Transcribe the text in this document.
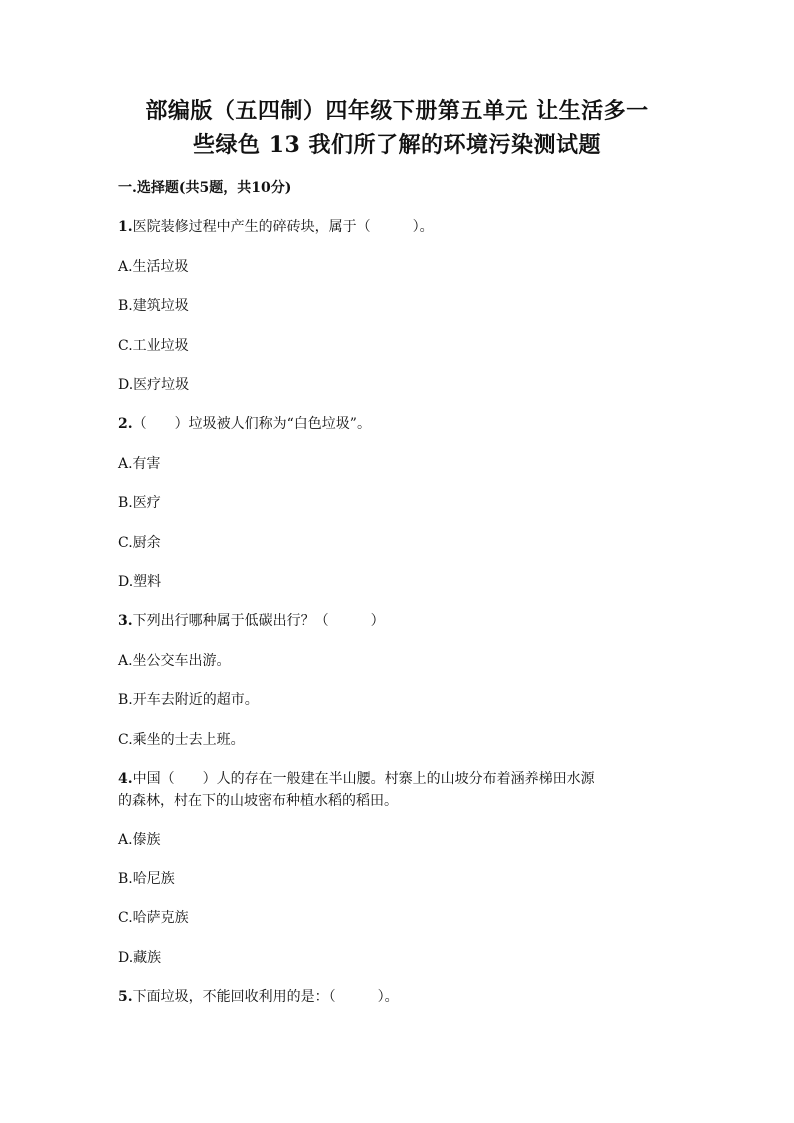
部编版（五四制）四年级下册第五单元 让生活多一
些绿色 13 我们所了解的环境污染测试题
一.选择题(共5题，共10分)
1.医院装修过程中产生的碎砖块，属于（　　　）。
A.生活垃圾
B.建筑垃圾
C.工业垃圾
D.医疗垃圾
2.（　　）垃圾被人们称为“白色垃圾”。
A.有害
B.医疗
C.厨余
D.塑料
3.下列出行哪种属于低碳出行？（　　　）
A.坐公交车出游。
B.开车去附近的超市。
C.乘坐的士去上班。
4.中国（　　）人的存在一般建在半山腰。村寨上的山坡分布着涵养梯田水源
的森林，村在下的山坡密布种植水稻的稻田。
A.傣族
B.哈尼族
C.哈萨克族
D.藏族
5.下面垃圾，不能回收利用的是：（　　　）。
